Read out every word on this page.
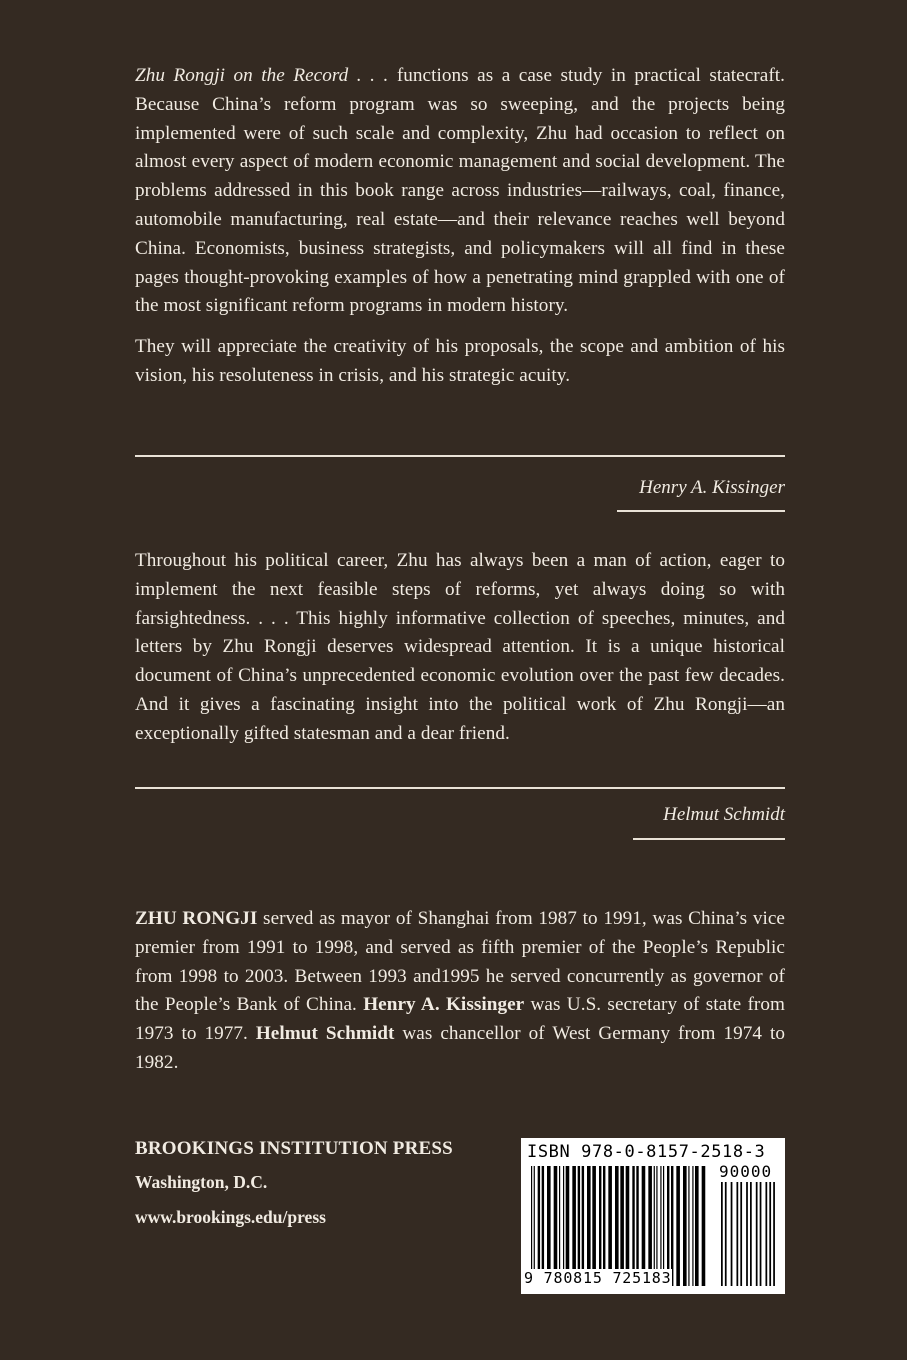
Zhu Rongji on the Record . . . functions as a case study in practical statecraft. Because China’s reform program was so sweeping, and the projects being implemented were of such scale and complexity, Zhu had occasion to reflect on almost every aspect of modern economic management and social development. The problems addressed in this book range across industries—railways, coal, finance, automobile manufacturing, real estate—and their relevance reaches well beyond China. Economists, business strategists, and policymakers will all find in these pages thought-provoking examples of how a penetrating mind grappled with one of the most significant reform programs in modern history.

They will appreciate the creativity of his proposals, the scope and ambition of his vision, his resoluteness in crisis, and his strategic acuity.

Henry A. Kissinger

Throughout his political career, Zhu has always been a man of action, eager to implement the next feasible steps of reforms, yet always doing so with farsightedness. . . . This highly informative collection of speeches, minutes, and letters by Zhu Rongji deserves widespread attention. It is a unique historical document of China’s unprecedented economic evolution over the past few decades. And it gives a fascinating insight into the political work of Zhu Rongji—an exceptionally gifted statesman and a dear friend.

Helmut Schmidt

ZHU RONGJI served as mayor of Shanghai from 1987 to 1991, was China’s vice premier from 1991 to 1998, and served as fifth premier of the People’s Republic from 1998 to 2003. Between 1993 and1995 he served concurrently as governor of the People’s Bank of China. Henry A. Kissinger was U.S. secretary of state from 1973 to 1977. Helmut Schmidt was chancellor of West Germany from 1974 to 1982.

BROOKINGS INSTITUTION PRESS
Washington, D.C.
www.brookings.edu/press
ISBN 978-0-8157-2518-3
90000
9 780815 725183
